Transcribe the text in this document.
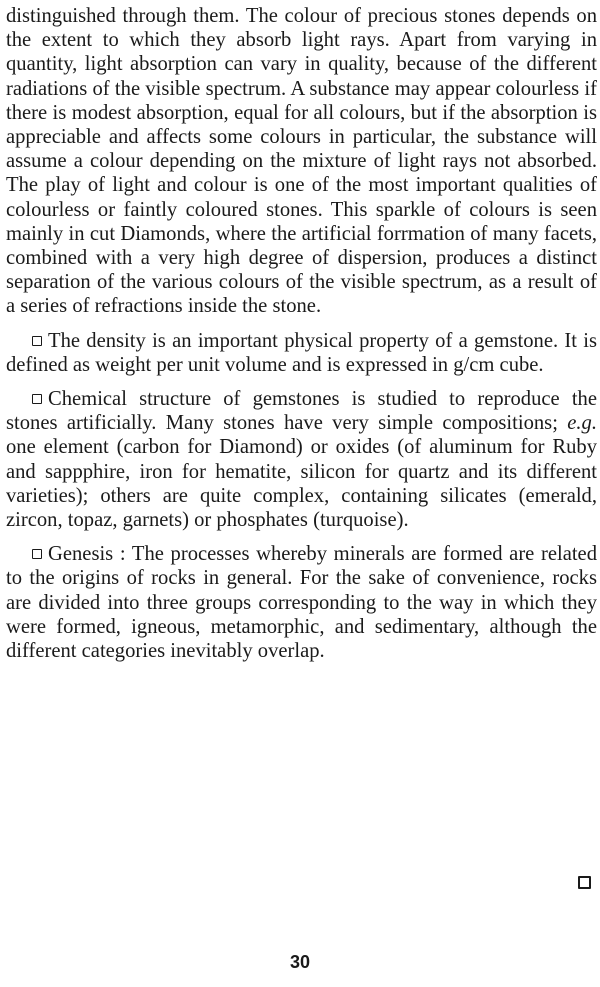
distinguished through them. The colour of precious stones depends on the extent to which they absorb light rays. Apart from varying in quantity, light absorption can vary in quality, because of the different radiations of the visible spectrum. A substance may appear colourless if there is modest absorption, equal for all colours, but if the absorption is appreciable and affects some colours in particular, the substance will assume a colour depending on the mixture of light rays not absorbed. The play of light and colour is one of the most important qualities of colourless or faintly coloured stones. This sparkle of colours is seen mainly in cut Diamonds, where the artificial forrmation of many facets, combined with a very high degree of dispersion, produces a distinct separation of the various colours of the visible spectrum, as a result of a series of refractions inside the stone.

The density is an important physical property of a gemstone. It is defined as weight per unit volume and is expressed in g/cm cube.

Chemical structure of gemstones is studied to reproduce the stones artificially. Many stones have very simple compositions; e.g. one element (carbon for Diamond) or oxides (of aluminum for Ruby and sappphire, iron for hematite, silicon for quartz and its different varieties); others are quite complex, containing silicates (emerald, zircon, topaz, garnets) or phosphates (turquoise).

Genesis : The processes whereby minerals are formed are related to the origins of rocks in general. For the sake of convenience, rocks are divided into three groups corresponding to the way in which they were formed, igneous, metamorphic, and sedimentary, although the different categories inevitably overlap.

30
